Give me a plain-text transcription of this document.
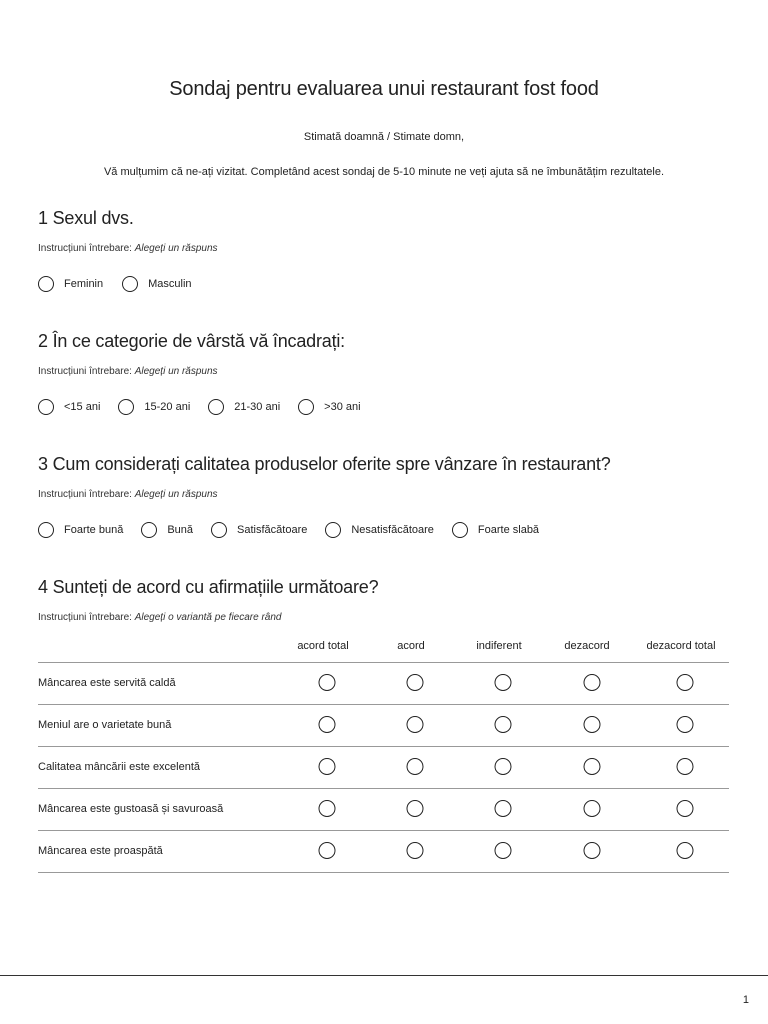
Sondaj pentru evaluarea unui restaurant fost food
Stimată doamnă / Stimate domn,
Vă mulțumim că ne-ați vizitat. Completând acest sondaj de 5-10 minute ne veți ajuta să ne îmbunătățim rezultatele.
1 Sexul dvs.
Instrucțiuni întrebare: Alegeți un răspuns
Feminin	Masculin
2 În ce categorie de vârstă vă încadrați:
Instrucțiuni întrebare: Alegeți un răspuns
<15 ani	15-20 ani	21-30 ani	>30 ani
3 Cum considerați calitatea produselor oferite spre vânzare în restaurant?
Instrucțiuni întrebare: Alegeți un răspuns
Foarte bună	Bună	Satisfăcătoare	Nesatisfăcătoare	Foarte slabă
4 Sunteți de acord cu afirmațiile următoare?
Instrucțiuni întrebare: Alegeți o variantă pe fiecare rând
acord total	acord	indiferent	dezacord	dezacord total
Mâncarea este servită caldă
Meniul are o varietate bună
Calitatea mâncării este excelentă
Mâncarea este gustoasă și savuroasă
Mâncarea este proaspătă
1
